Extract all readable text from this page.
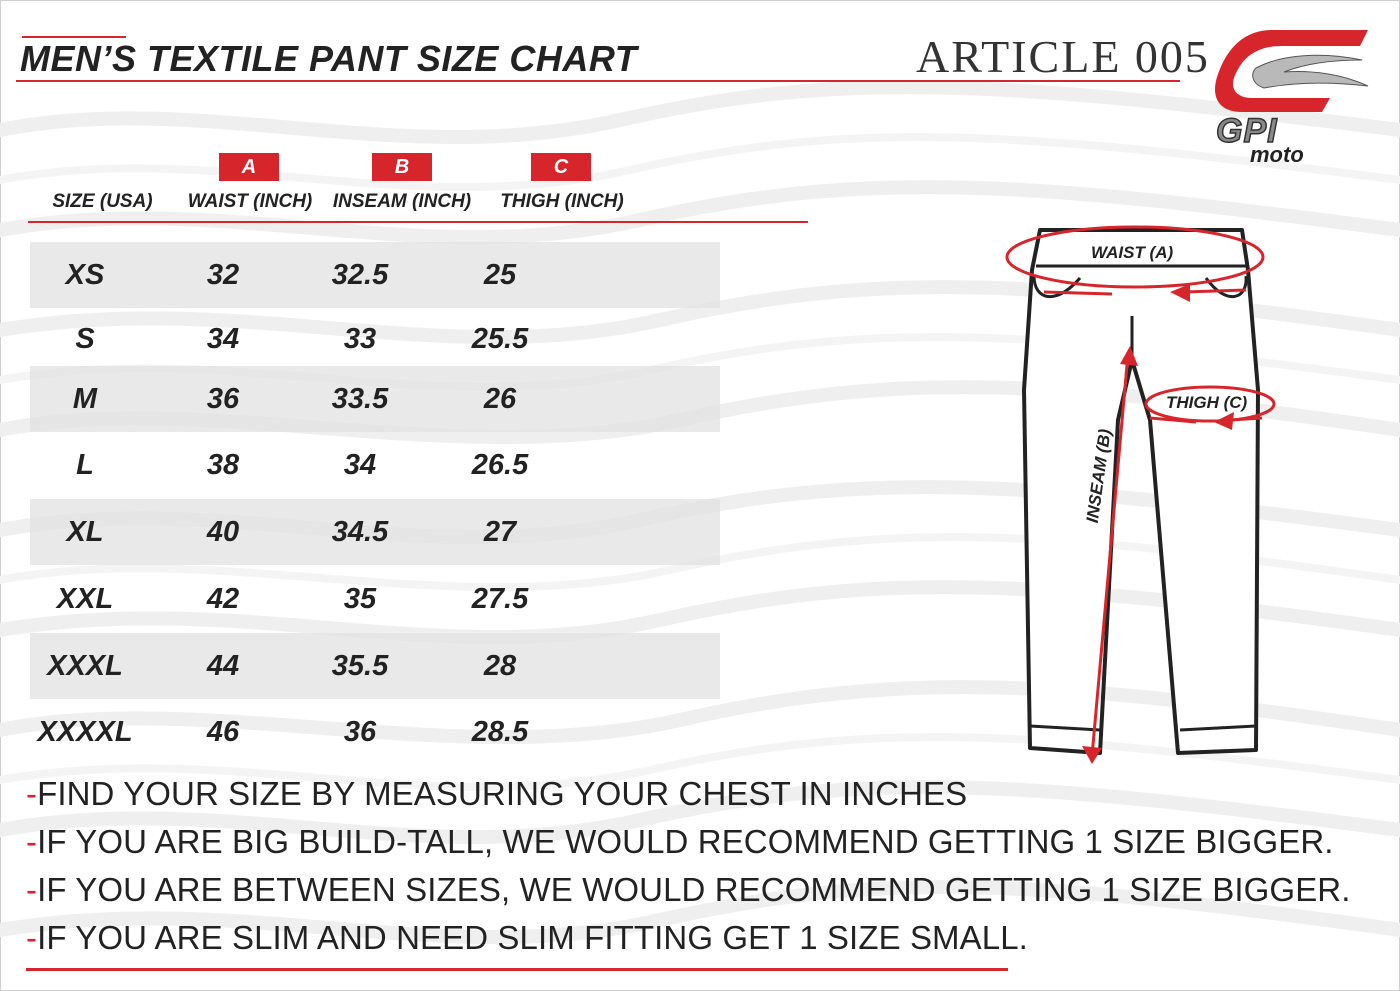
MEN’S TEXTILE PANT SIZE CHART	ARTICLE 005
GPI
moto
A	B	C
SIZE (USA)	WAIST (INCH)	INSEAM (INCH)	THIGH (INCH)
XS	32	32.5	25
S	34	33	25.5
M	36	33.5	26
L	38	34	26.5
XL	40	34.5	27
XXL	42	35	27.5
XXXL	44	35.5	28
XXXXL	46	36	28.5
WAIST (A)
THIGH (C)
INSEAM (B)
-FIND YOUR SIZE BY MEASURING YOUR CHEST IN INCHES
-IF YOU ARE BIG BUILD-TALL, WE WOULD RECOMMEND GETTING 1 SIZE BIGGER.
-IF YOU ARE BETWEEN SIZES, WE WOULD RECOMMEND GETTING 1 SIZE BIGGER.
-IF YOU ARE SLIM AND NEED SLIM FITTING GET 1 SIZE SMALL.
